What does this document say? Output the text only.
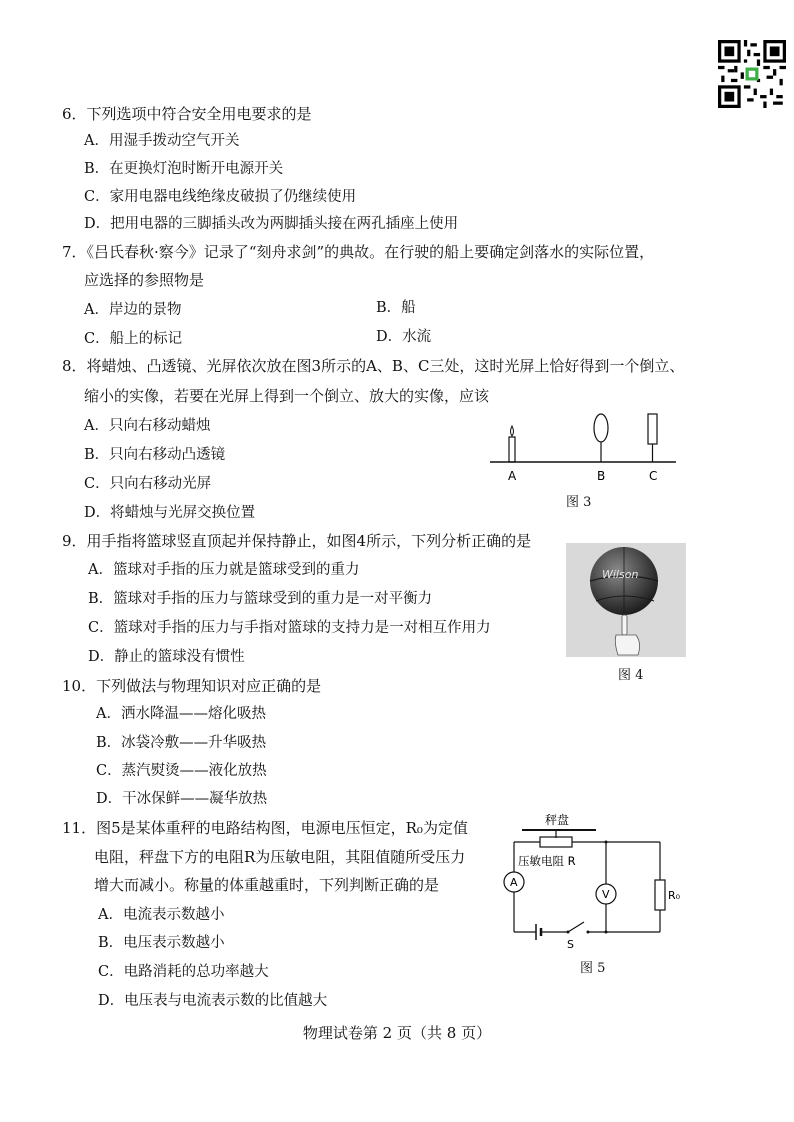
6．下列选项中符合安全用电要求的是
A．用湿手拨动空气开关
B．在更换灯泡时断开电源开关
C．家用电器电线绝缘皮破损了仍继续使用
D．把用电器的三脚插头改为两脚插头接在两孔插座上使用
7．《吕氏春秋·察今》记录了“刻舟求剑”的典故。在行驶的船上要确定剑落水的实际位置，
应选择的参照物是
A．岸边的景物	B．船
C．船上的标记	D．水流
8．将蜡烛、凸透镜、光屏依次放在图3所示的A、B、C三处，这时光屏上恰好得到一个倒立、
缩小的实像，若要在光屏上得到一个倒立、放大的实像，应该
A．只向右移动蜡烛
B．只向右移动凸透镜
C．只向右移动光屏
D．将蜡烛与光屏交换位置
A	B	C
图 3
9．用手指将篮球竖直顶起并保持静止，如图4所示，下列分析正确的是
A．篮球对手指的压力就是篮球受到的重力
B．篮球对手指的压力与篮球受到的重力是一对平衡力
C．篮球对手指的压力与手指对篮球的支持力是一对相互作用力
D．静止的篮球没有惯性
Wilson
图 4
10．下列做法与物理知识对应正确的是
A．洒水降温——熔化吸热
B．冰袋冷敷——升华吸热
C．蒸汽熨烫——液化放热
D．干冰保鲜——凝华放热
11．图5是某体重秤的电路结构图，电源电压恒定，R₀为定值
电阻，秤盘下方的电阻R为压敏电阻，其阻值随所受压力
增大而减小。称量的体重越重时，下列判断正确的是
A．电流表示数越小
B．电压表示数越小
C．电路消耗的总功率越大
D．电压表与电流表示数的比值越大
秤盘
压敏电阻 R
A
S
V	R₀
图 5
物理试卷第 2 页（共 8 页）
